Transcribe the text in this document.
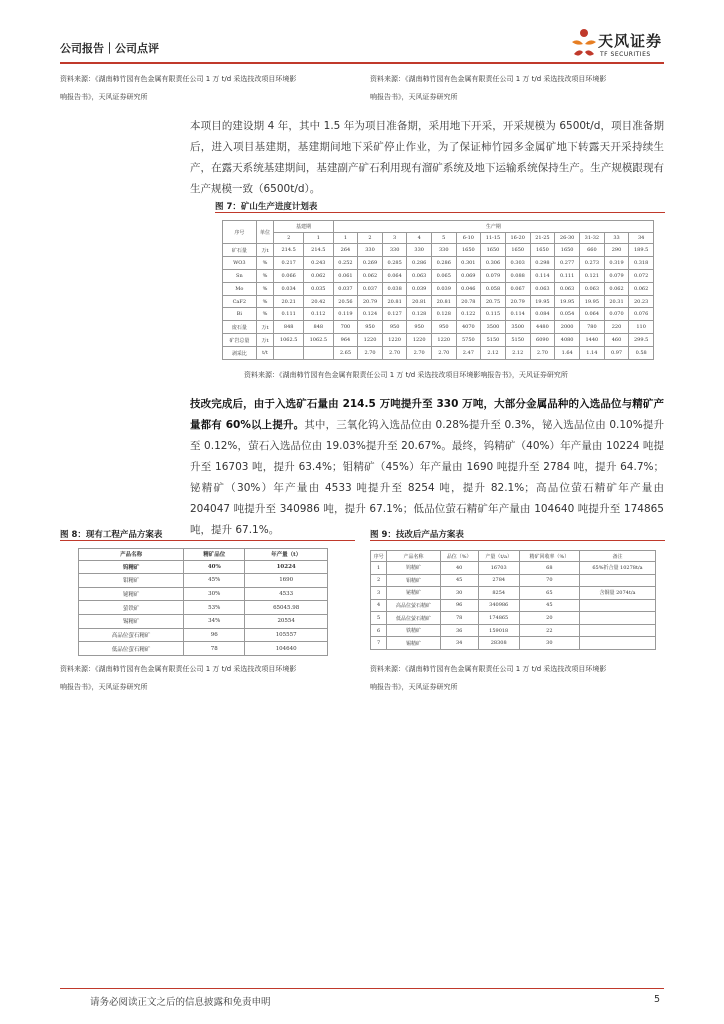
公司报告｜公司点评	天风证券
TF SECURITIES
资料来源：《湖南柿竹园有色金属有限责任公司 1 万 t/d 采选技改项目环境影
响报告书》，天风证券研究所
资料来源：《湖南柿竹园有色金属有限责任公司 1 万 t/d 采选技改项目环境影
响报告书》，天风证券研究所
本项目的建设期 4 年，其中 1.5 年为项目准备期，采用地下开采，开采规模为 6500t/d，项目准备期后，进入项目基建期，基建期间地下采矿停止作业，为了保证柿竹园多金属矿地下转露天开采持续生产，在露天系统基建期间，基建副产矿石利用现有溜矿系统及地下运输系统保持生产。生产规模跟现有生产规模一致（6500t/d）。
图 7：矿山生产进度计划表
序号	单位	基建期		生产期												
		2	1	1	2	3	4	5	6-10	11-15	16-20	21-25	26-30	31-32	33	34
矿石量	万t	214.5	214.5	264	330	330	330	330	1650	1650	1650	1650	1650	660	290	189.5
WO3	%	0.217	0.243	0.252	0.269	0.285	0.286	0.286	0.301	0.306	0.303	0.298	0.277	0.273	0.319	0.318
Sn	%	0.066	0.062	0.061	0.062	0.064	0.063	0.065	0.069	0.079	0.088	0.114	0.111	0.121	0.079	0.072
Mo	%	0.034	0.035	0.037	0.037	0.038	0.039	0.039	0.046	0.058	0.067	0.063	0.063	0.063	0.062	0.062
CaF2	%	20.21	20.42	20.56	20.79	20.81	20.81	20.81	20.78	20.75	20.79	19.95	19.95	19.95	20.31	20.23
Bi	%	0.111	0.112	0.119	0.124	0.127	0.128	0.128	0.122	0.115	0.114	0.084	0.054	0.064	0.070	0.076
废石量	万t	848	848	700	950	950	950	950	4070	3500	3500	4480	2000	780	220	110
矿岩总量	万t	1062.5	1062.5	964	1220	1220	1220	1220	5750	5150	5150	6090	4080	1440	460	299.5
剥采比	t/t			2.65	2.70	2.70	2.70	2.70	2.47	2.12	2.12	2.70	1.64	1.14	0.97	0.58
资料来源：《湖南柿竹园有色金属有限责任公司 1 万 t/d 采选技改项目环境影响报告书》，天风证券研究所
技改完成后，由于入选矿石量由 214.5 万吨提升至 330 万吨，大部分金属品种的入选品位与精矿产量都有 60%以上提升。其中，三氧化钨入选品位由 0.28%提升至 0.3%，铋入选品位由 0.10%提升至 0.12%，萤石入选品位由 19.03%提升至 20.67%。最终，钨精矿（40%）年产量由 10224 吨提升至 16703 吨，提升 63.4%；钼精矿（45%）年产量由 1690 吨提升至 2784 吨，提升 64.7%；铋精矿（30%）年产量由 4533 吨提升至 8254 吨，提升 82.1%；高品位萤石精矿年产量由 204047 吨提升至 340986 吨，提升 67.1%；低品位萤石精矿年产量由 104640 吨提升至 174865 吨，提升 67.1%。
图 8：现有工程产品方案表
产品名称	精矿品位	年产量（t）
钨精矿	40%	10224
钼精矿	45%	1690
铋精矿	30%	4533
萤铁矿	53%	65045.98
锡精矿	34%	20554
高品位萤石精矿	96	105557
低品位萤石精矿	78	104640
图 9：技改后产品方案表
序号	产品名称	品位（%）	产量（t/a）	精矿回收率（%）	备注
1	钨精矿	40	16703	68	65%折合量 10278t/a
2	钼精矿	45	2784	70	
3	铋精矿	30	8254	65	含铜量 2074t/a
4	高品位萤石精矿	96	340986	45	
5	低品位萤石精矿	78	174865	20	
6	铁精矿	36	159018	22	
7	锡精矿	34	28308	30	
资料来源：《湖南柿竹园有色金属有限责任公司 1 万 t/d 采选技改项目环境影
响报告书》，天风证券研究所
资料来源：《湖南柿竹园有色金属有限责任公司 1 万 t/d 采选技改项目环境影
响报告书》，天风证券研究所
请务必阅读正文之后的信息披露和免责申明	5
